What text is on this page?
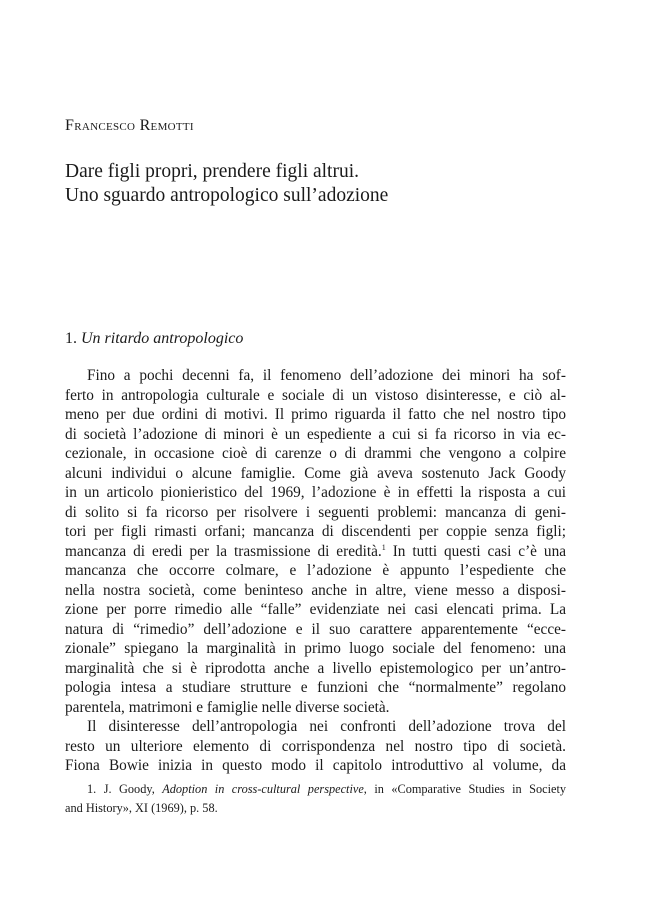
Francesco Remotti
Dare figli propri, prendere figli altrui.
Uno sguardo antropologico sull’adozione
1. Un ritardo antropologico
Fino a pochi decenni fa, il fenomeno dell’adozione dei minori ha sof-
ferto in antropologia culturale e sociale di un vistoso disinteresse, e ciò al-
meno per due ordini di motivi. Il primo riguarda il fatto che nel nostro tipo
di società l’adozione di minori è un espediente a cui si fa ricorso in via ec-
cezionale, in occasione cioè di carenze o di drammi che vengono a colpire
alcuni individui o alcune famiglie. Come già aveva sostenuto Jack Goody
in un articolo pionieristico del 1969, l’adozione è in effetti la risposta a cui
di solito si fa ricorso per risolvere i seguenti problemi: mancanza di geni-
tori per figli rimasti orfani; mancanza di discendenti per coppie senza figli;
mancanza di eredi per la trasmissione di eredità.$^1$ In tutti questi casi c’è una
mancanza che occorre colmare, e l’adozione è appunto l’espediente che
nella nostra società, come beninteso anche in altre, viene messo a disposi-
zione per porre rimedio alle “falle” evidenziate nei casi elencati prima. La
natura di “rimedio” dell’adozione e il suo carattere apparentemente “ecce-
zionale” spiegano la marginalità in primo luogo sociale del fenomeno: una
marginalità che si è riprodotta anche a livello epistemologico per un’antro-
pologia intesa a studiare strutture e funzioni che “normalmente” regolano
parentela, matrimoni e famiglie nelle diverse società.
Il disinteresse dell’antropologia nei confronti dell’adozione trova del
resto un ulteriore elemento di corrispondenza nel nostro tipo di società.
Fiona Bowie inizia in questo modo il capitolo introduttivo al volume, da
1. J. Goody, Adoption in cross-cultural perspective, in «Comparative Studies in Society
and History», XI (1969), p. 58.
